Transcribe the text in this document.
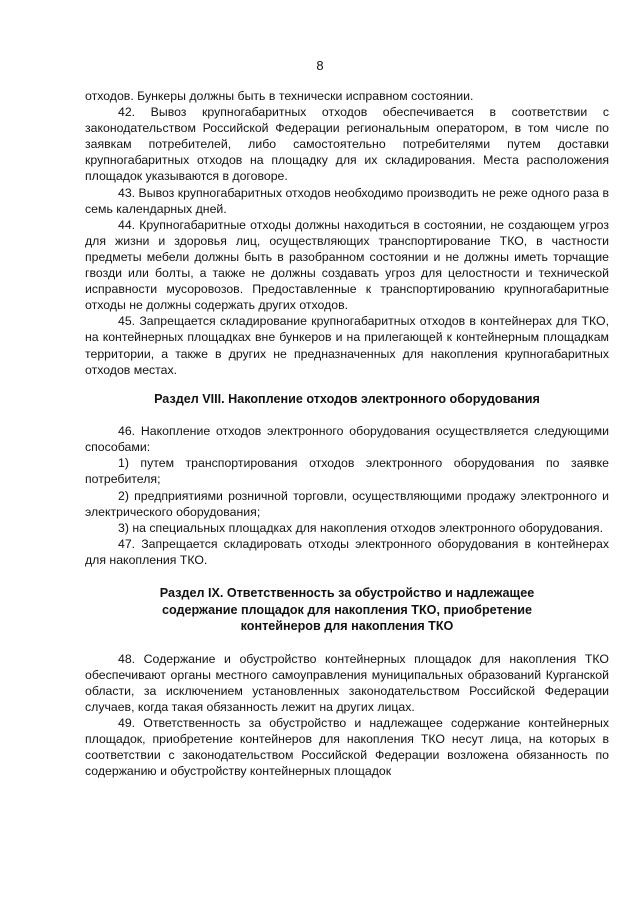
8

отходов. Бункеры должны быть в технически исправном состоянии.

42. Вывоз крупногабаритных отходов обеспечивается в соответствии с законодательством Российской Федерации региональным оператором, в том числе по заявкам потребителей, либо самостоятельно потребителями путем доставки крупногабаритных отходов на площадку для их складирования. Места расположения площадок указываются в договоре.

43. Вывоз крупногабаритных отходов необходимо производить не реже одного раза в семь календарных дней.

44. Крупногабаритные отходы должны находиться в состоянии, не создающем угроз для жизни и здоровья лиц, осуществляющих транспортирование ТКО, в частности предметы мебели должны быть в разобранном состоянии и не должны иметь торчащие гвозди или болты, а также не должны создавать угроз для целостности и технической исправности мусоровозов. Предоставленные к транспортированию крупногабаритные отходы не должны содержать других отходов.

45. Запрещается складирование крупногабаритных отходов в контейнерах для ТКО, на контейнерных площадках вне бункеров и на прилегающей к контейнерным площадкам территории, а также в других не предназначенных для накопления крупногабаритных отходов местах.

Раздел VIII. Накопление отходов электронного оборудования

46. Накопление отходов электронного оборудования осуществляется следующими способами:

1) путем транспортирования отходов электронного оборудования по заявке потребителя;

2) предприятиями розничной торговли, осуществляющими продажу электронного и электрического оборудования;

3) на специальных площадках для накопления отходов электронного оборудования.

47. Запрещается складировать отходы электронного оборудования в контейнерах для накопления ТКО.

Раздел IX. Ответственность за обустройство и надлежащее
содержание площадок для накопления ТКО, приобретение
контейнеров для накопления ТКО

48. Содержание и обустройство контейнерных площадок для накопления ТКО обеспечивают органы местного самоуправления муниципальных образований Курганской области, за исключением установленных законодательством Российской Федерации случаев, когда такая обязанность лежит на других лицах.

49. Ответственность за обустройство и надлежащее содержание контейнерных площадок, приобретение контейнеров для накопления ТКО несут лица, на которых в соответствии с законодательством Российской Федерации возложена обязанность по содержанию и обустройству контейнерных площадок
